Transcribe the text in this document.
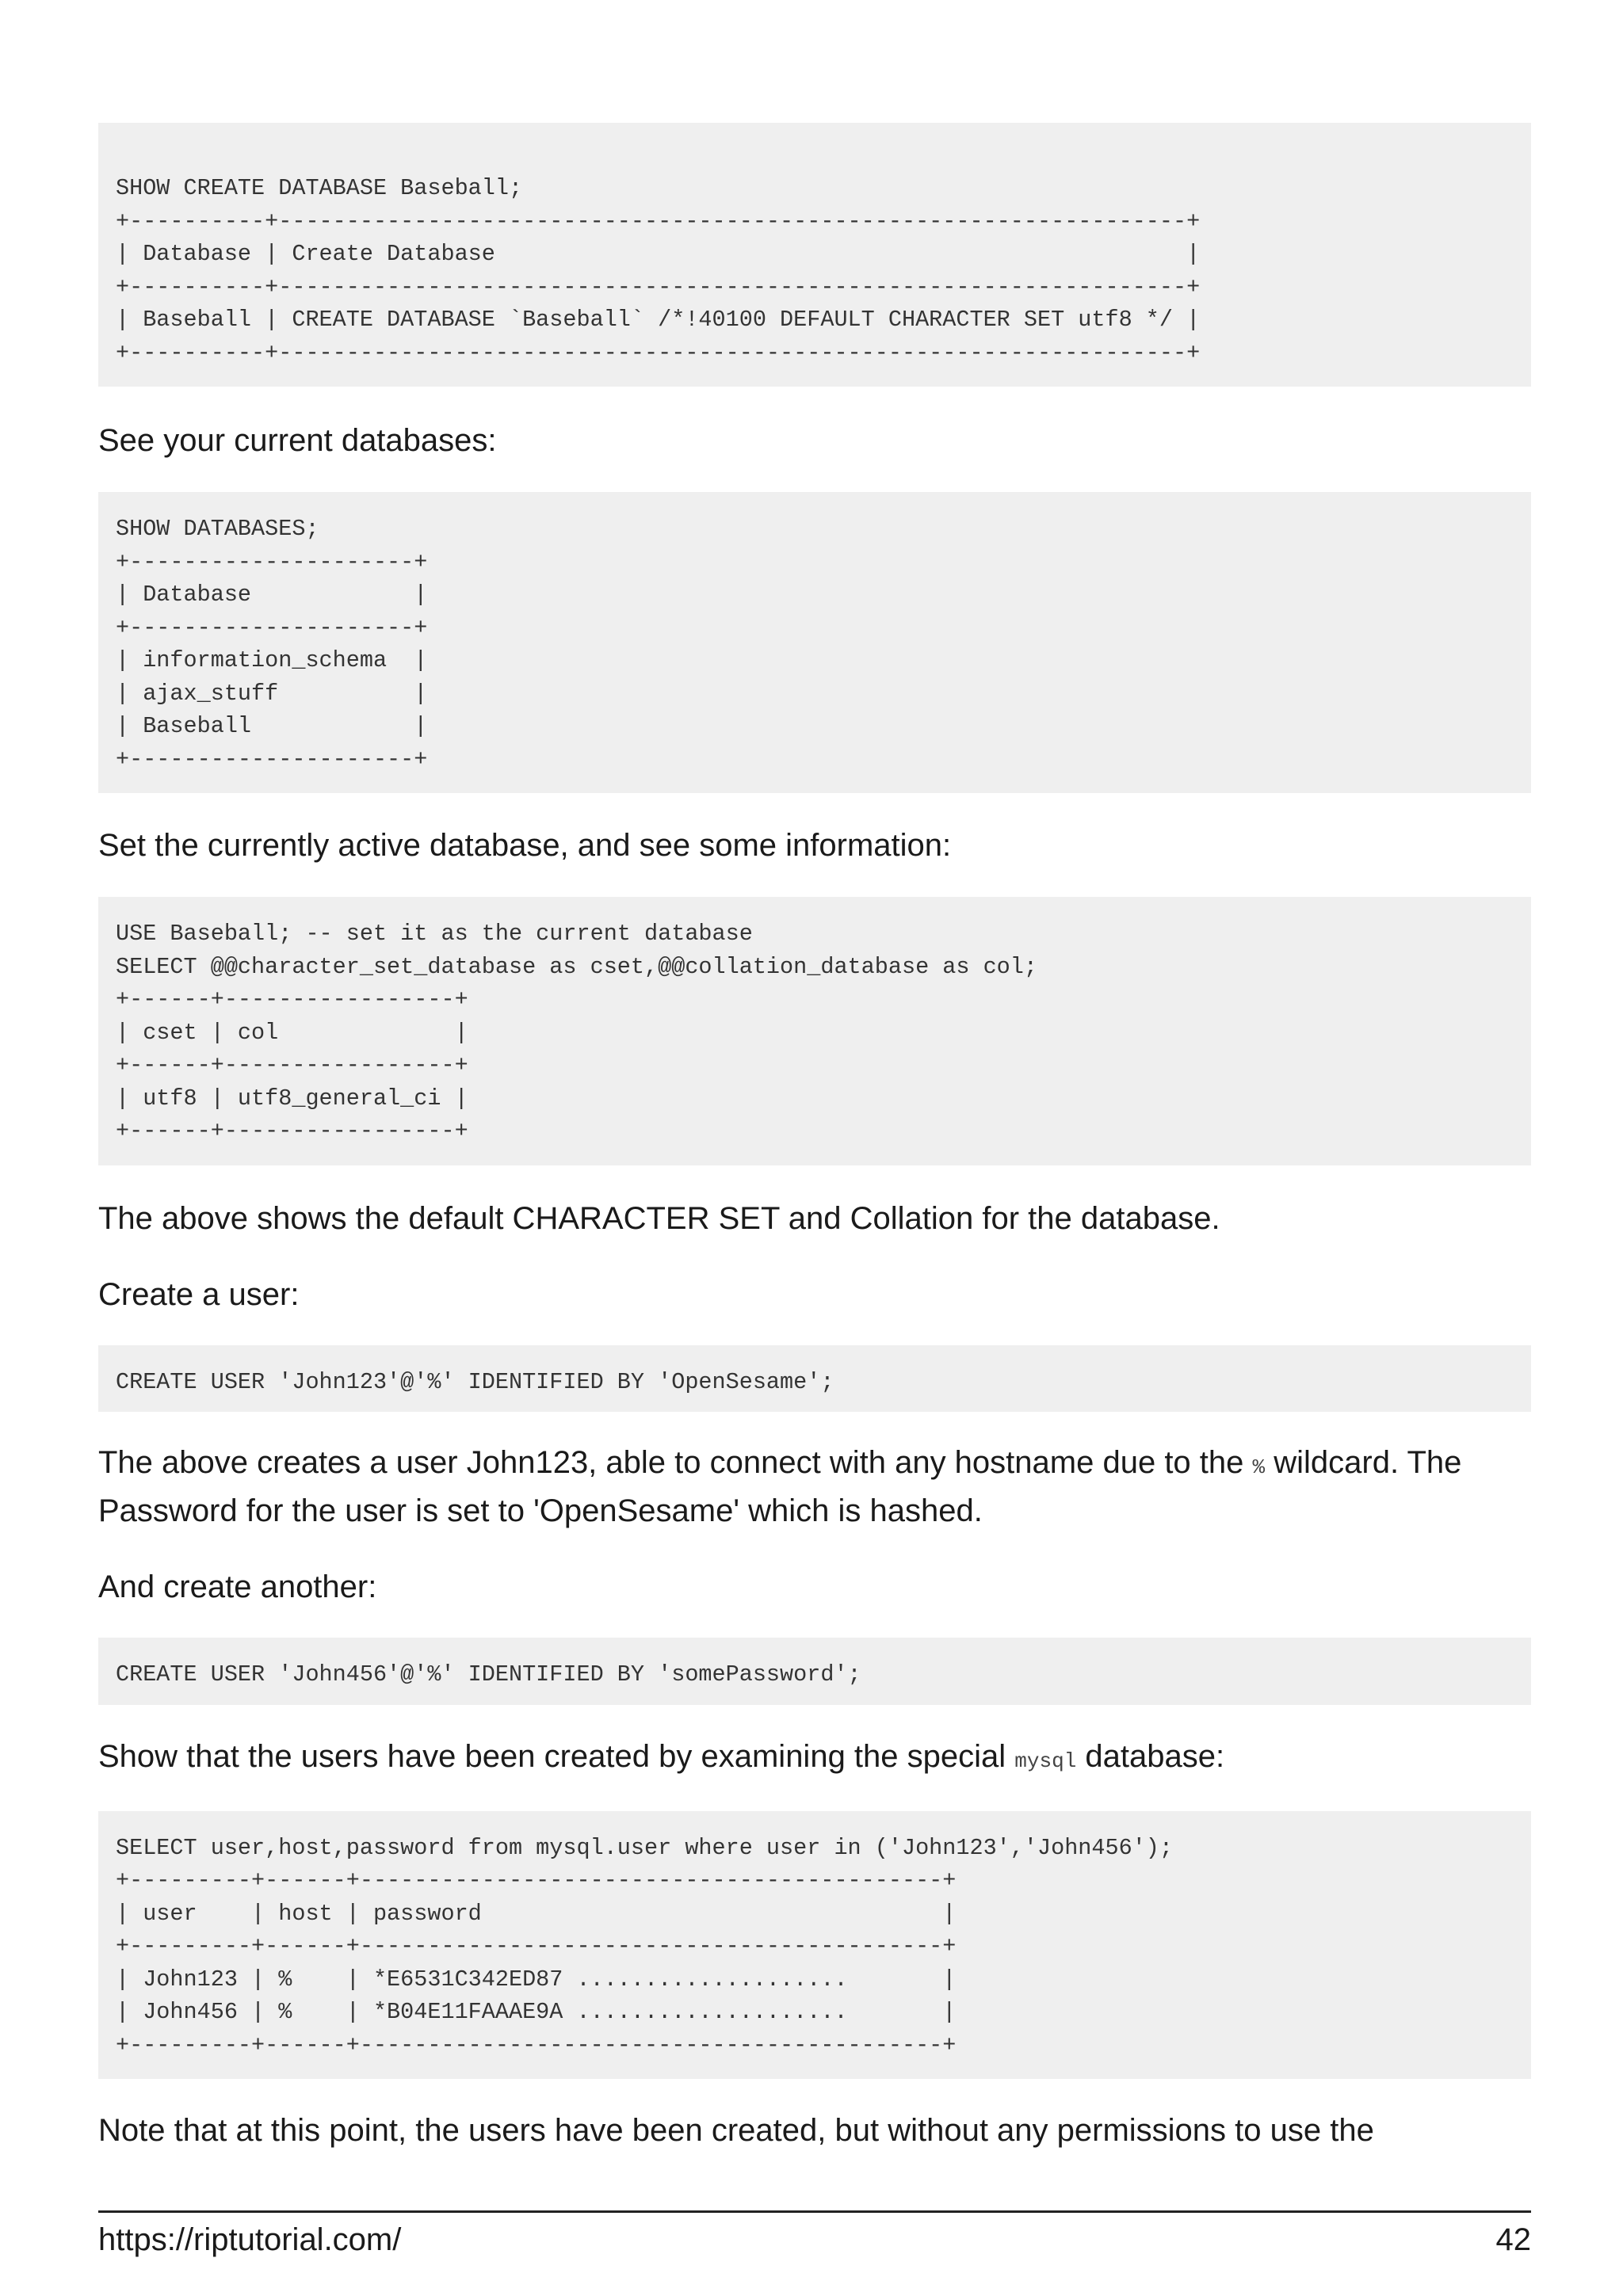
SHOW CREATE DATABASE Baseball;
+----------+-------------------------------------------------------------------+
| Database | Create Database                                                   |
+----------+-------------------------------------------------------------------+
| Baseball | CREATE DATABASE `Baseball` /*!40100 DEFAULT CHARACTER SET utf8 */ |
+----------+-------------------------------------------------------------------+

See your current databases:

SHOW DATABASES;
+---------------------+
| Database            |
+---------------------+
| information_schema  |
| ajax_stuff          |
| Baseball            |
+---------------------+

Set the currently active database, and see some information:

USE Baseball; -- set it as the current database
SELECT @@character_set_database as cset,@@collation_database as col;
+------+-----------------+
| cset | col             |
+------+-----------------+
| utf8 | utf8_general_ci |
+------+-----------------+

The above shows the default CHARACTER SET and Collation for the database.

Create a user:

CREATE USER 'John123'@'%' IDENTIFIED BY 'OpenSesame';

The above creates a user John123, able to connect with any hostname due to the % wildcard. The Password for the user is set to 'OpenSesame' which is hashed.

And create another:

CREATE USER 'John456'@'%' IDENTIFIED BY 'somePassword';

Show that the users have been created by examining the special mysql database:

SELECT user,host,password from mysql.user where user in ('John123','John456');
+---------+------+-------------------------------------------+
| user    | host | password                                  |
+---------+------+-------------------------------------------+
| John123 | %    | *E6531C342ED87 ....................       |
| John456 | %    | *B04E11FAAAE9A ....................       |
+---------+------+-------------------------------------------+

Note that at this point, the users have been created, but without any permissions to use the

https://riptutorial.com/	42
